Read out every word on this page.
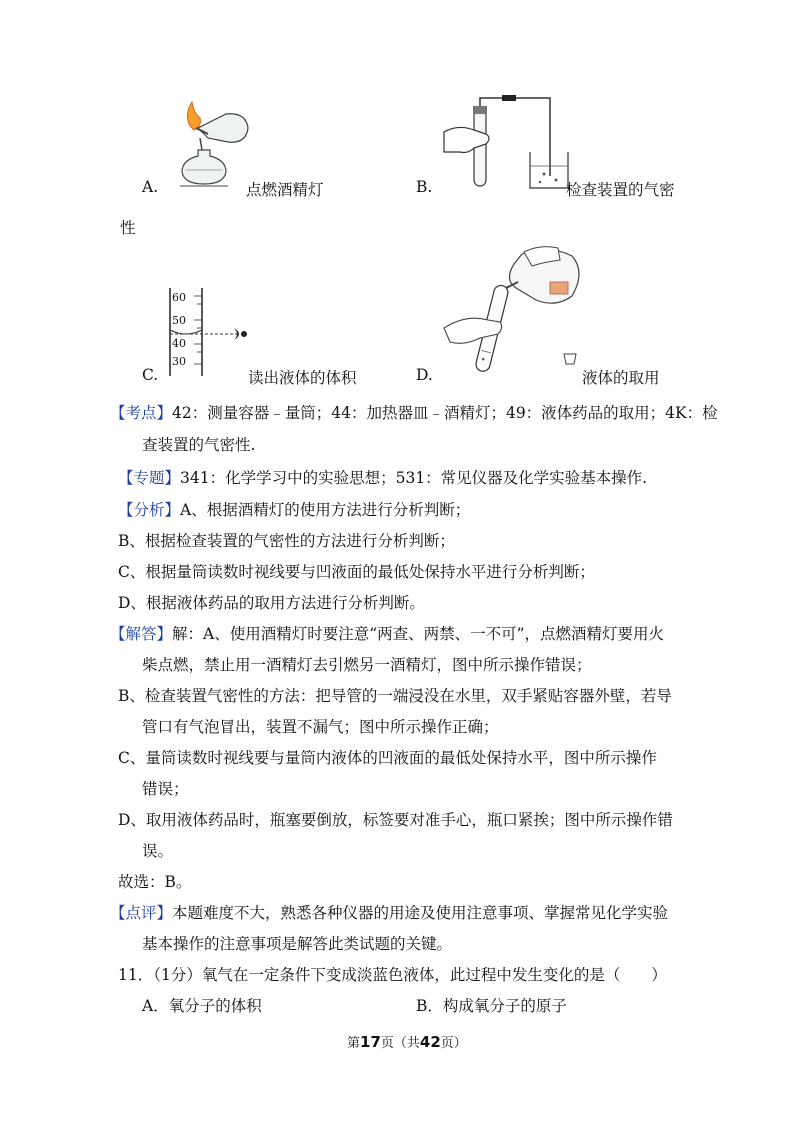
A.	点燃酒精灯	B.	检查装置的气密
性
60
50
40
30
C.	读出液体的体积	D.	液体的取用
【考点】42：测量容器﹣量筒；44：加热器皿﹣酒精灯；49：液体药品的取用；4K：检
查装置的气密性.
【专题】341：化学学习中的实验思想；531：常见仪器及化学实验基本操作.
【分析】A、根据酒精灯的使用方法进行分析判断；
B、根据检查装置的气密性的方法进行分析判断；
C、根据量筒读数时视线要与凹液面的最低处保持水平进行分析判断；
D、根据液体药品的取用方法进行分析判断。
【解答】解：A、使用酒精灯时要注意“两查、两禁、一不可”，点燃酒精灯要用火
柴点燃，禁止用一酒精灯去引燃另一酒精灯，图中所示操作错误；
B、检查装置气密性的方法：把导管的一端浸没在水里，双手紧贴容器外壁，若导
管口有气泡冒出，装置不漏气；图中所示操作正确；
C、量筒读数时视线要与量筒内液体的凹液面的最低处保持水平，图中所示操作
错误；
D、取用液体药品时，瓶塞要倒放，标签要对准手心，瓶口紧挨；图中所示操作错
误。
故选：B。
【点评】本题难度不大，熟悉各种仪器的用途及使用注意事项、掌握常见化学实验
基本操作的注意事项是解答此类试题的关键。
11．（1分）氧气在一定条件下变成淡蓝色液体，此过程中发生变化的是（　　）
A．氧分子的体积	B．构成氧分子的原子
第17页（共42页）
